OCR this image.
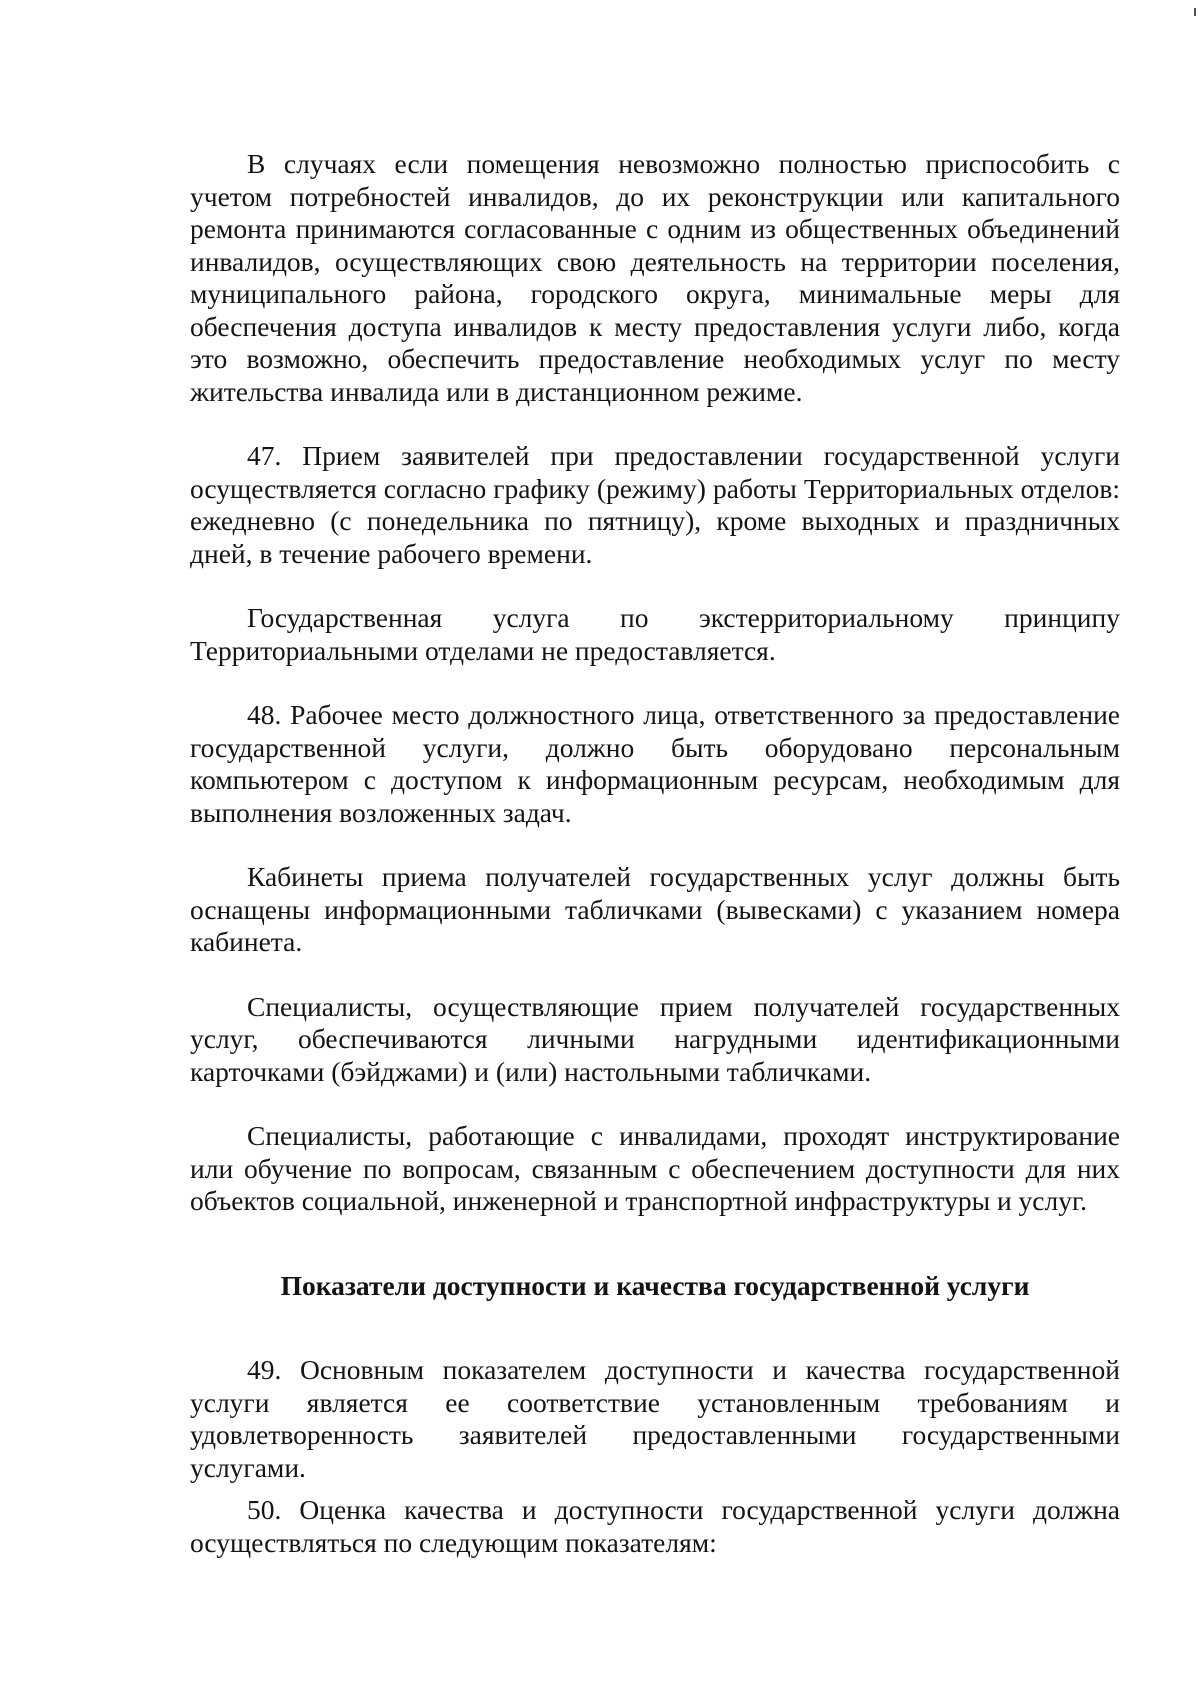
В случаях если помещения невозможно полностью приспособить с учетом потребностей инвалидов, до их реконструкции или капитального ремонта принимаются согласованные с одним из общественных объединений инвалидов, осуществляющих свою деятельность на территории поселения, муниципального района, городского округа, минимальные меры для обеспечения доступа инвалидов к месту предоставления услуги либо, когда это возможно, обеспечить предоставление необходимых услуг по месту жительства инвалида или в дистанционном режиме.

47. Прием заявителей при предоставлении государственной услуги осуществляется согласно графику (режиму) работы Территориальных отделов: ежедневно (с понедельника по пятницу), кроме выходных и праздничных дней, в течение рабочего времени.

Государственная услуга по экстерриториальному принципу Территориальными отделами не предоставляется.

48. Рабочее место должностного лица, ответственного за предоставление государственной услуги, должно быть оборудовано персональным компьютером с доступом к информационным ресурсам, необходимым для выполнения возложенных задач.

Кабинеты приема получателей государственных услуг должны быть оснащены информационными табличками (вывесками) с указанием номера кабинета.

Специалисты, осуществляющие прием получателей государственных услуг, обеспечиваются личными нагрудными идентификационными карточками (бэйджами) и (или) настольными табличками.

Специалисты, работающие с инвалидами, проходят инструктирование или обучение по вопросам, связанным с обеспечением доступности для них объектов социальной, инженерной и транспортной инфраструктуры и услуг.

Показатели доступности и качества государственной услуги

49. Основным показателем доступности и качества государственной услуги является ее соответствие установленным требованиям и удовлетворенность заявителей предоставленными государственными услугами.

50. Оценка качества и доступности государственной услуги должна осуществляться по следующим показателям:
